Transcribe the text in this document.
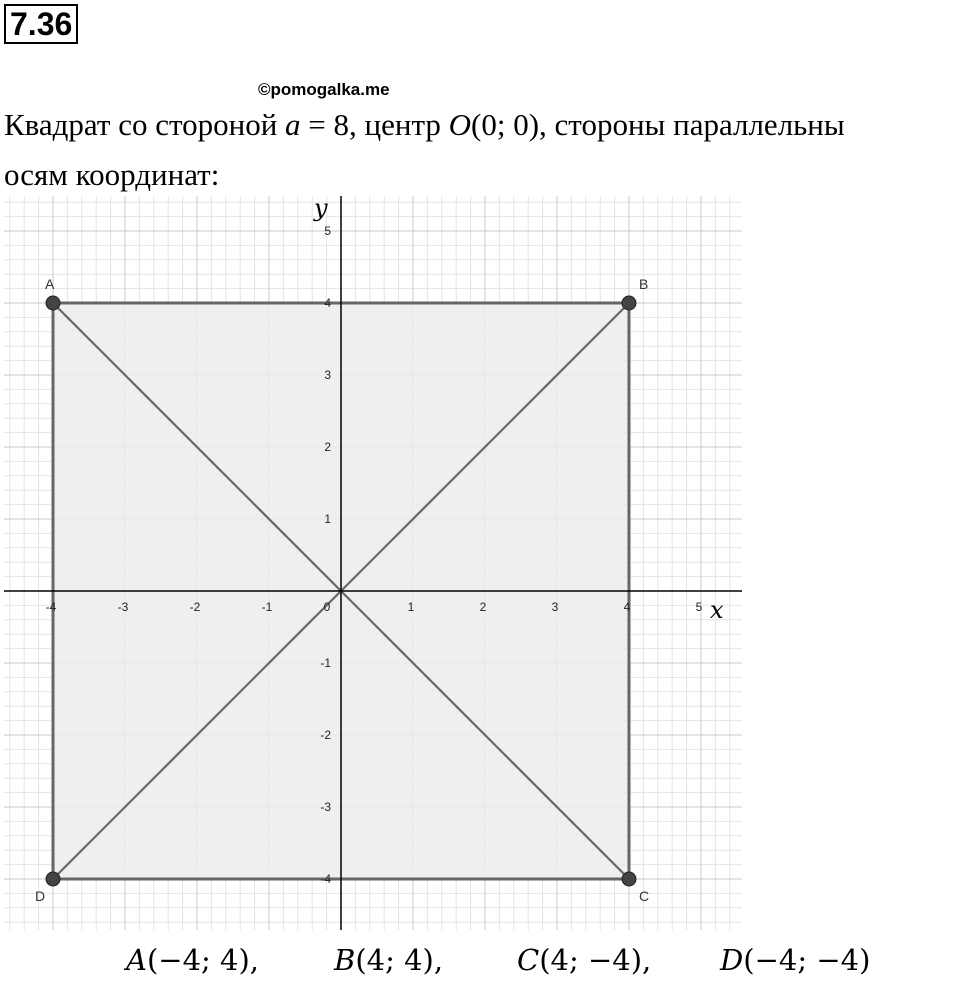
7.36
©pomogalka.me
Квадрат со стороной a = 8, центр O(0; 0), стороны параллельны
осям координат:
x
y
-4	-3	-2	-1	0	1	2	3	4	5
5
4
3
2
1
-1
-2
-3
-4
A	B
C
D
A(−4; 4),	B(4; 4),	C(4; −4), D(−4; −4)
